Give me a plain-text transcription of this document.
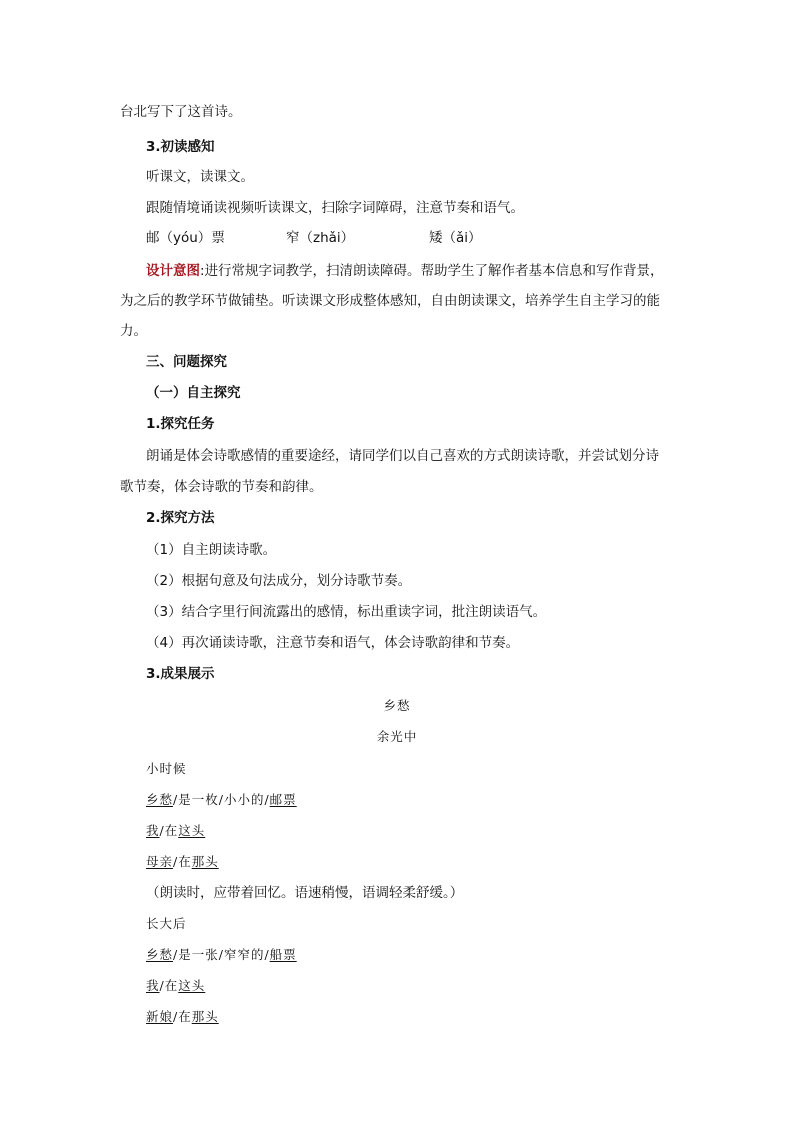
台北写下了这首诗。
3.初读感知
听课文，读课文。
跟随情境诵读视频听读课文，扫除字词障碍，注意节奏和语气。
邮（yóu）票	窄（zhǎi）	矮（ǎi）
设计意图:进行常规字词教学，扫清朗读障碍。帮助学生了解作者基本信息和写作背景，
为之后的教学环节做铺垫。听读课文形成整体感知，自由朗读课文，培养学生自主学习的能
力。
三、问题探究
（一）自主探究
1.探究任务
朗诵是体会诗歌感情的重要途经，请同学们以自己喜欢的方式朗读诗歌，并尝试划分诗
歌节奏，体会诗歌的节奏和韵律。
2.探究方法
（1）自主朗读诗歌。
（2）根据句意及句法成分，划分诗歌节奏。
（3）结合字里行间流露出的感情，标出重读字词，批注朗读语气。
（4）再次诵读诗歌，注意节奏和语气，体会诗歌韵律和节奏。
3.成果展示
乡愁
余光中
小时候
乡愁/是一枚/小小的/邮票
我/在这头
母亲/在那头
（朗读时，应带着回忆。语速稍慢，语调轻柔舒缓。）
长大后
乡愁/是一张/窄窄的/船票
我/在这头
新娘/在那头
